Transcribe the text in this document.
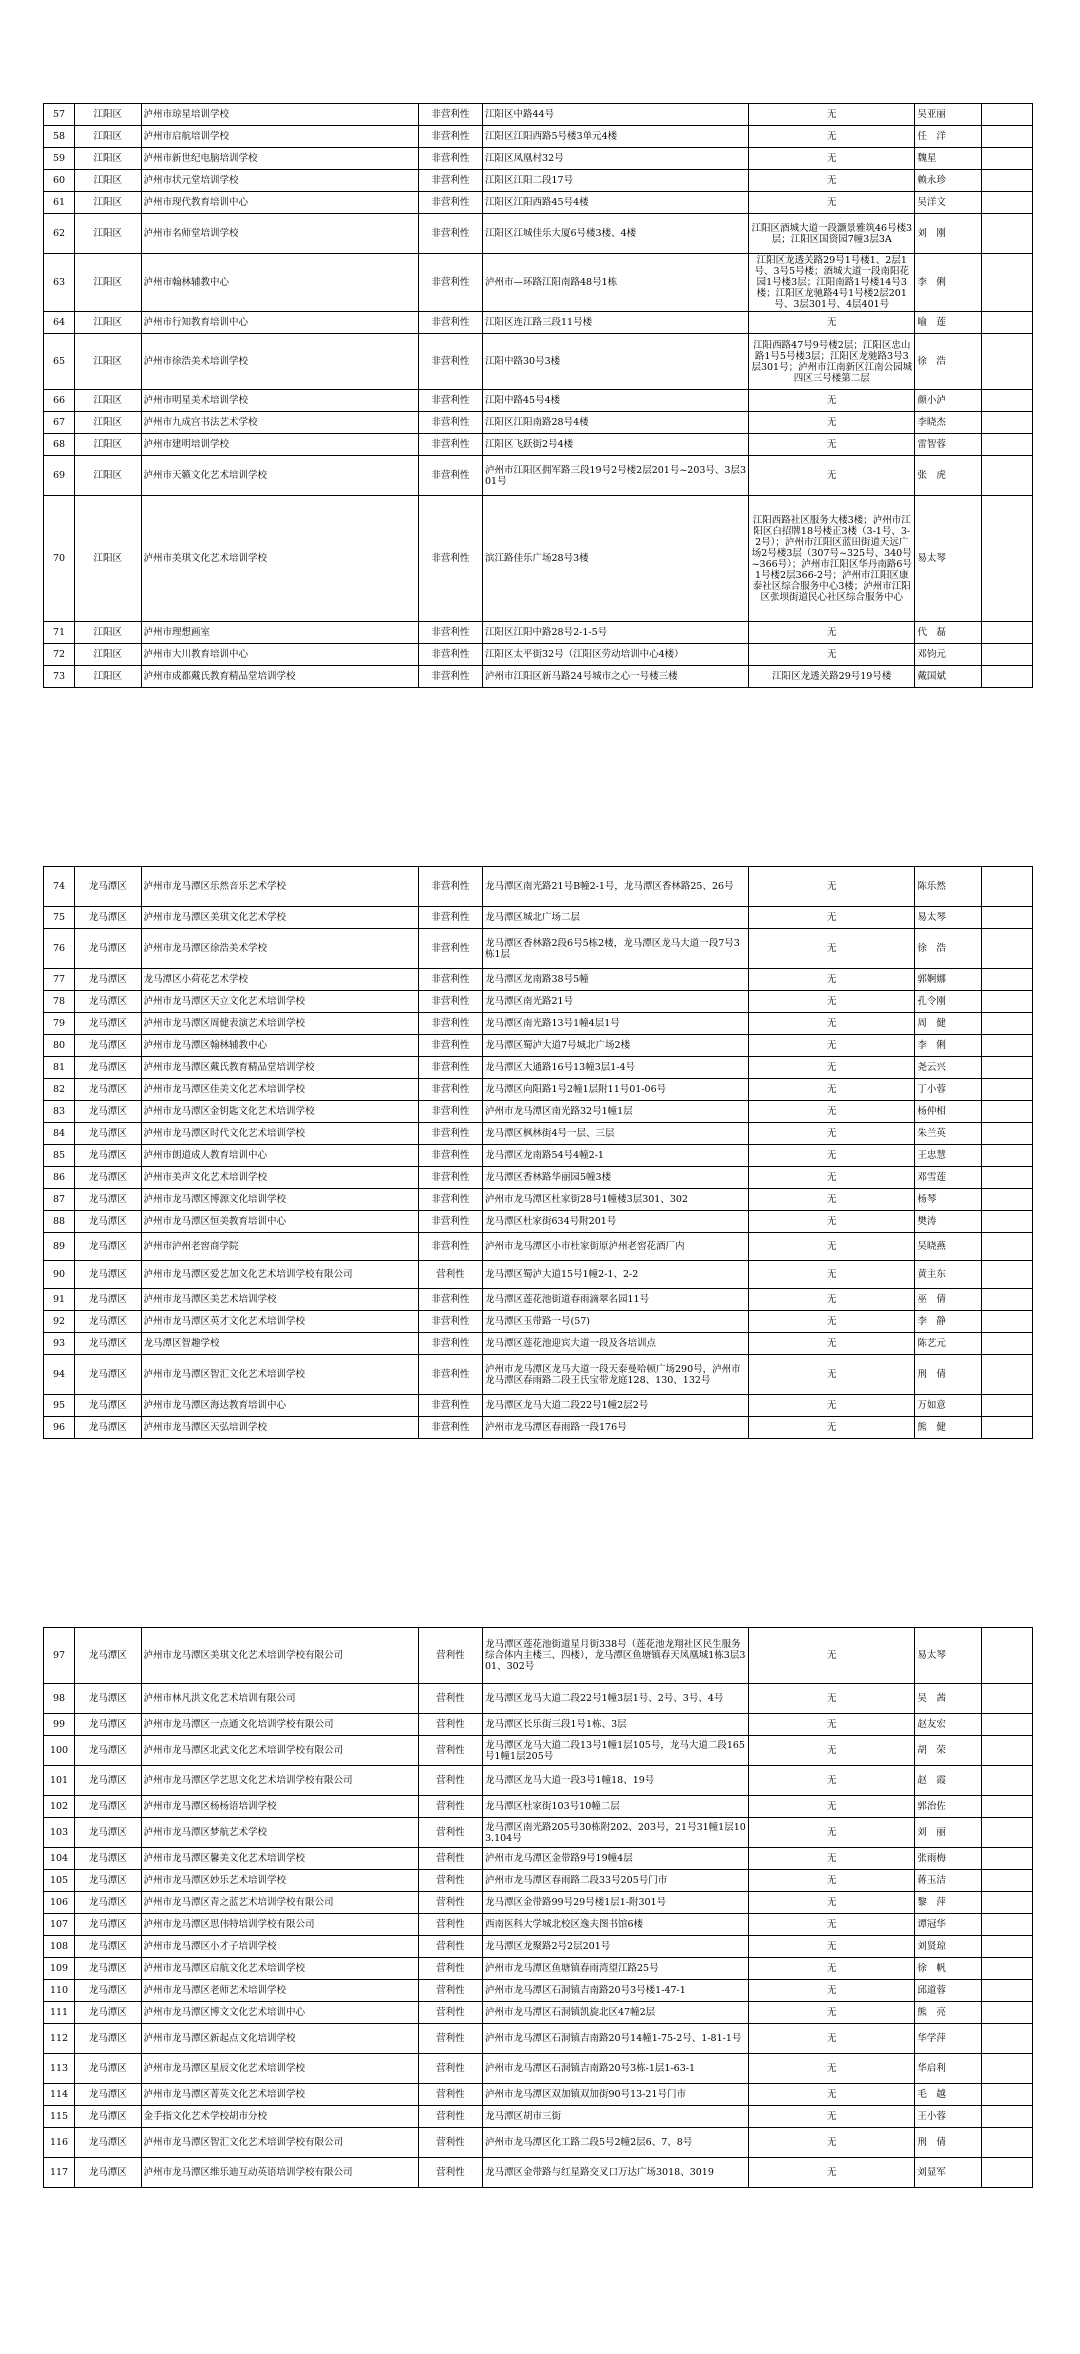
57	江阳区	泸州市琼星培训学校	非营利性	江阳区中路44号	无	吴亚丽	
58	江阳区	泸州市启航培训学校	非营利性	江阳区江阳西路5号楼3单元4楼	无	任　洋	
59	江阳区	泸州市新世纪电脑培训学校	非营利性	江阳区凤凰村32号	无	魏星	
60	江阳区	泸州市状元堂培训学校	非营利性	江阳区江阳二段17号	无	赖永珍	
61	江阳区	泸州市现代教育培训中心	非营利性	江阳区江阳西路45号4楼	无	吴洋文	
62	江阳区	泸州市名师堂培训学校	非营利性	江阳区江城佳乐大厦6号楼3楼、4楼	江阳区酒城大道一段灏景雅筑46号楼3层；江阳区国资园7幢3层3A	刘　刚	
63	江阳区	泸州市翰林辅教中心	非营利性	泸州市—环路江阳南路48号1栋	江阳区龙透关路29号1号楼1、2层1号、3号5号楼；酒城大道一段南阳花园1号楼3层；江阳南路1号楼14号3楼；江阳区龙驰路4号1号楼2层201号、3层301号、4层401号	李　俐	
64	江阳区	泸州市行知教育培训中心	非营利性	江阳区连江路三段11号楼	无	喻　莲	
65	江阳区	泸州市徐浩美术培训学校	非营利性	江阳中路30号3楼	江阳西路47号9号楼2层；江阳区忠山路1号5号楼3层；江阳区龙驰路3号3层301号；泸州市江南新区江南公园城四区三号楼第二层	徐　浩	
66	江阳区	泸州市明星美术培训学校	非营利性	江阳中路45号4楼	无	颜小泸	
67	江阳区	泸州市九成宫书法艺术学校	非营利性	江阳区江阳南路28号4楼	无	李晓杰	
68	江阳区	泸州市建明培训学校	非营利性	江阳区飞跃街2号4楼	无	雷智蓉	
69	江阳区	泸州市天籁文化艺术培训学校	非营利性	泸州市江阳区拥军路三段19号2号楼2层201号~203号、3层301号	无	张　虎	
70	江阳区	泸州市美琪文化艺术培训学校	非营利性	滨江路佳乐广场28号3楼	江阳西路社区服务大楼3楼；泸州市江阳区白招牌18号楼正3楼（3-1号、3-2号）；泸州市江阳区蓝田街道天远广场2号楼3层（307号~325号、340号~366号）；泸州市江阳区华丹南路6号1号楼2层366-2号；泸州市江阳区康泰社区综合服务中心3楼；泸州市江阳区张坝街道民心社区综合服务中心	易太琴	
71	江阳区	泸州市理想画室	非营利性	江阳区江阳中路28号2-1-5号	无	代　磊	
72	江阳区	泸州市大川教育培训中心	非营利性	江阳区太平街32号（江阳区劳动培训中心4楼）	无	邓钧元	
73	江阳区	泸州市成都戴氏教育精品堂培训学校	非营利性	泸州市江阳区新马路24号城市之心一号楼三楼	江阳区龙透关路29号19号楼	戴国斌	
74	龙马潭区	泸州市龙马潭区乐然音乐艺术学校	非营利性	龙马潭区南光路21号B幢2-1号，龙马潭区香林路25、26号	无	陈乐然	
75	龙马潭区	泸州市龙马潭区美琪文化艺术学校	非营利性	龙马潭区城北广场二层	无	易太琴	
76	龙马潭区	泸州市龙马潭区徐浩美术学校	非营利性	龙马潭区香林路2段6号5栋2楼，龙马潭区龙马大道一段7号3栋1层	无	徐　浩	
77	龙马潭区	龙马潭区小荷花艺术学校	非营利性	龙马潭区龙南路38号5幢	无	郭婀娜	
78	龙马潭区	泸州市龙马潭区天立文化艺术培训学校	非营利性	龙马潭区南光路21号	无	孔令刚	
79	龙马潭区	泸州市龙马潭区周健表演艺术培训学校	非营利性	龙马潭区南光路13号1幢4层1号	无	周　健	
80	龙马潭区	泸州市龙马潭区翰林辅教中心	非营利性	龙马潭区蜀泸大道7号城北广场2楼	无	李　俐	
81	龙马潭区	泸州市龙马潭区戴氏教育精品堂培训学校	非营利性	龙马潭区大通路16号13幢3层1-4号	无	尧云兴	
82	龙马潭区	泸州市龙马潭区佳美文化艺术培训学校	非营利性	龙马潭区向阳路1号2幢1层附11号01-06号	无	丁小蓉	
83	龙马潭区	泸州市龙马潭区金钥匙文化艺术培训学校	非营利性	泸州市龙马潭区南光路32号1幢1层	无	杨仲相	
84	龙马潭区	泸州市龙马潭区时代文化艺术培训学校	非营利性	龙马潭区枫林街4号一层、三层	无	朱兰英	
85	龙马潭区	泸州市朗道成人教育培训中心	非营利性	龙马潭区龙南路54号4幢2-1	无	王忠慧	
86	龙马潭区	泸州市美声文化艺术培训学校	非营利性	龙马潭区香林路华丽园5幢3楼	无	邓雪莲	
87	龙马潭区	泸州市龙马潭区博源文化培训学校	非营利性	泸州市龙马潭区杜家街28号1幢楼3层301、302	无	杨琴	
88	龙马潭区	泸州市龙马潭区恒美教育培训中心	非营利性	龙马潭区杜家街634号附201号	无	樊涛	
89	龙马潭区	泸州市泸州老窖商学院	非营利性	泸州市龙马潭区小市杜家街原泸州老窖花酒厂内	无	吴晓燕	
90	龙马潭区	泸州市龙马潭区爱艺加文化艺术培训学校有限公司	营利性	龙马潭区蜀泸大道15号1幢2-1、2-2	无	黄主东	
91	龙马潭区	泸州市龙马潭区美艺术培训学校	非营利性	龙马潭区莲花池街道春雨滴翠名园11号	无	巫　倩	
92	龙马潭区	泸州市龙马潭区英才文化艺术培训学校	非营利性	龙马潭区玉带路一号(57)	无	李　静	
93	龙马潭区	龙马潭区智趣学校	非营利性	龙马潭区莲花池迎宾大道一段及各培训点	无	陈艺元	
94	龙马潭区	泸州市龙马潭区智汇文化艺术培训学校	非营利性	泸州市龙马潭区龙马大道一段天泰曼哈顿广场290号，泸州市龙马潭区春雨路二段王氏宝带龙庭128、130、132号	无	刑　倩	
95	龙马潭区	泸州市龙马潭区海达教育培训中心	非营利性	龙马潭区龙马大道二段22号1幢2层2号	无	万如意	
96	龙马潭区	泸州市龙马潭区天弘培训学校	非营利性	泸州市龙马潭区春雨路一段176号	无	熊　健	
97	龙马潭区	泸州市龙马潭区美琪文化艺术培训学校有限公司	营利性	龙马潭区莲花池街道星月街338号（莲花池龙翔社区民生服务综合体内主楼三、四楼），龙马潭区鱼塘镇春天凤凰城1栋3层301、302号	无	易太琴	
98	龙马潭区	泸州市林凡洪文化艺术培训有限公司	营利性	龙马潭区龙马大道二段22号1幢3层1号、2号、3号、4号	无	吴　茜	
99	龙马潭区	泸州市龙马潭区一点通文化培训学校有限公司	营利性	龙马潭区长乐街三段1号1栋、3层	无	赵友宏	
100	龙马潭区	泸州市龙马潭区北武文化艺术培训学校有限公司	营利性	龙马潭区龙马大道二段13号1幢1层105号，龙马大道二段165号1幢1层205号	无	胡　荣	
101	龙马潭区	泸州市龙马潭区学艺思文化艺术培训学校有限公司	营利性	龙马潭区龙马大道一段3号1幢18、19号	无	赵　霞	
102	龙马潭区	泸州市龙马潭区杨杨语培训学校	营利性	龙马潭区杜家街103号10幢二层	无	郭治佐	
103	龙马潭区	泸州市龙马潭区梦航艺术学校	营利性	龙马潭区南光路205号30栋附202、203号，21号31幢1层103.104号	无	刘　丽	
104	龙马潭区	泸州市龙马潭区馨美文化艺术培训学校	营利性	泸州市龙马潭区金带路9号19幢4层	无	张雨梅	
105	龙马潭区	泸州市龙马潭区妙乐艺术培训学校	营利性	泸州市龙马潭区春雨路二段33号205号门市	无	蒋玉洁	
106	龙马潭区	泸州市龙马潭区青之蓝艺术培训学校有限公司	营利性	龙马潭区金带路99号29号楼1层1-附301号	无	黎　萍	
107	龙马潭区	泸州市龙马潭区思伟特培训学校有限公司	营利性	西南医科大学城北校区逸夫图书馆6楼	无	谭冠华	
108	龙马潭区	泸州市龙马潭区小才子培训学校	营利性	龙马潭区龙聚路2号2层201号	无	刘贤琼	
109	龙马潭区	泸州市龙马潭区启航文化艺术培训学校	营利性	泸州市龙马潭区鱼塘镇春雨湾望江路25号	无	徐　帆	
110	龙马潭区	泸州市龙马潭区老师艺术培训学校	营利性	泸州市龙马潭区石洞镇吉南路20号3号楼1-47-1	无	邱道蓉	
111	龙马潭区	泸州市龙马潭区博文文化艺术培训中心	营利性	泸州市龙马潭区石洞镇凯旋北区47幢2层	无	熊　亮	
112	龙马潭区	泸州市龙马潭区新起点文化培训学校	营利性	泸州市龙马潭区石洞镇吉南路20号14幢1-75-2号、1-81-1号	无	华学萍	
113	龙马潭区	泸州市龙马潭区星辰文化艺术培训学校	营利性	泸州市龙马潭区石洞镇吉南路20号3栋-1层1-63-1	无	华启利	
114	龙马潭区	泸州市龙马潭区菁英文化艺术培训学校	营利性	泸州市龙马潭区双加镇双加街90号13-21号门市	无	毛　越	
115	龙马潭区	金手指文化艺术学校胡市分校	营利性	龙马潭区胡市三街	无	王小蓉	
116	龙马潭区	泸州市龙马潭区智汇文化艺术培训学校有限公司	营利性	泸州市龙马潭区化工路二段5号2幢2层6、7、8号	无	刑　倩	
117	龙马潭区	泸州市龙马潭区维乐迪互动英语培训学校有限公司	营利性	龙马潭区金带路与红星路交叉口万达广场3018、3019	无	刘显军	
